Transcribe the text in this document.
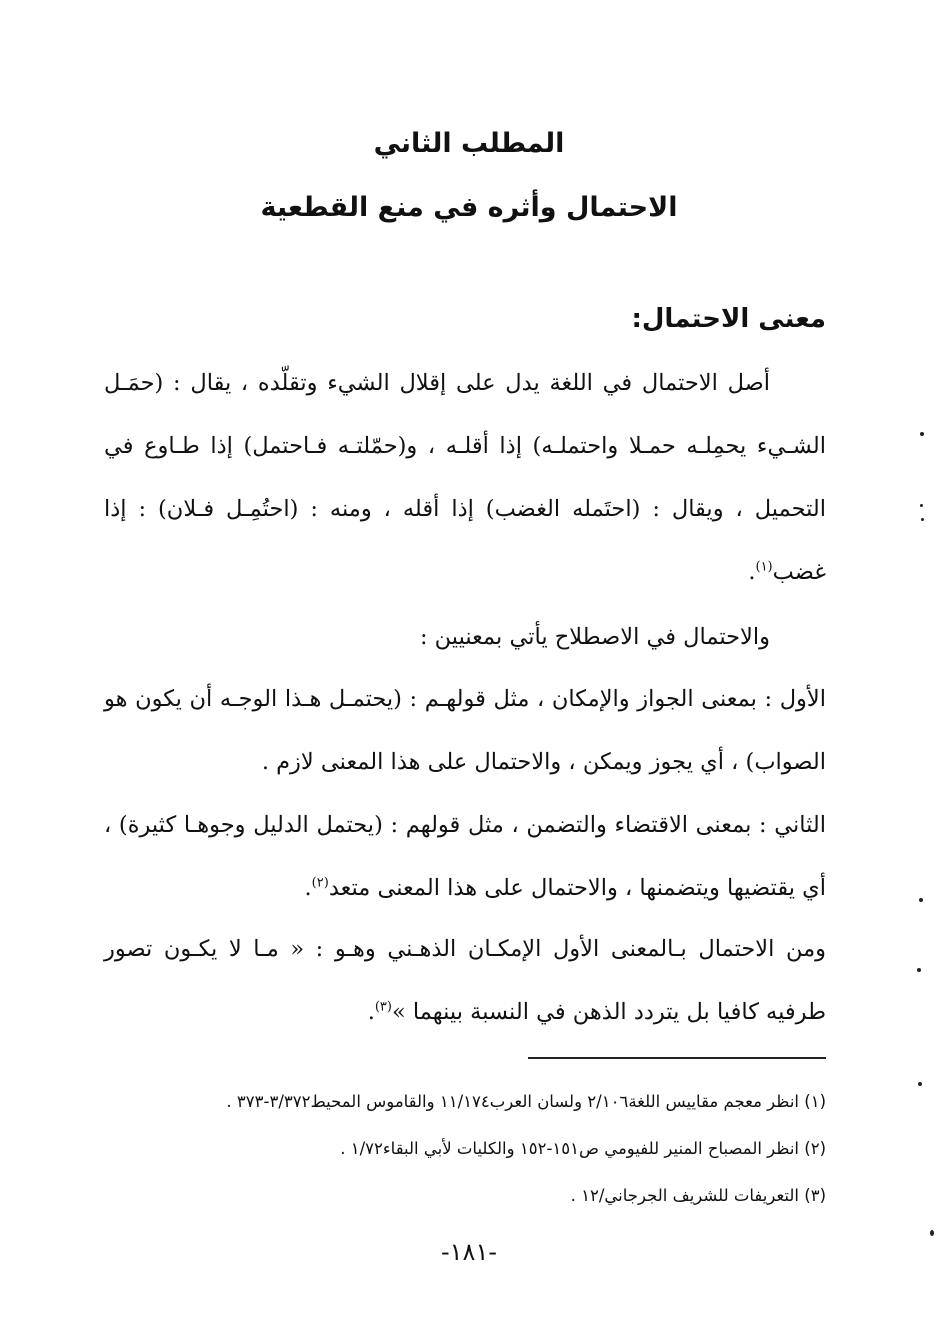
المطلب الثاني
الاحتمال وأثره في منع القطعية
معنى الاحتمال:
أصل الاحتمال في اللغة يدل على إقلال الشيء وتقلّده ، يقال : (حمَـل الشـيء يحمِلـه حمـلا واحتملـه) إذا أقلـه ، و(حمّلتـه فـاحتمل) إذا طـاوع في التحميل ، ويقال : (احتَمله الغضب) إذا أقله ، ومنه : (احتُمِـل فـلان) : إذا غضب$^{(١)}$.
والاحتمال في الاصطلاح يأتي بمعنيين :
الأول : بمعنى الجواز والإمكان ، مثل قولهـم : (يحتمـل هـذا الوجـه أن يكون هو الصواب) ، أي يجوز ويمكن ، والاحتمال على هذا المعنى لازم .
الثاني : بمعنى الاقتضاء والتضمن ، مثل قولهم : (يحتمل الدليل وجوهـا كثيرة) ، أي يقتضيها ويتضمنها ، والاحتمال على هذا المعنى متعد$^{(٢)}$.
ومن الاحتمال بـالمعنى الأول الإمكـان الذهـني وهـو : « مـا لا يكـون تصور طرفيه كافيا بل يتردد الذهن في النسبة بينهما »$^{(٣)}$.
(١) انظر معجم مقاييس اللغة٢/١٠٦ ولسان العرب١١/١٧٤ والقاموس المحيط٣/٣٧٢-٣٧٣ .
(٢) انظر المصباح المنير للفيومي ص١٥١-١٥٢ والكليات لأبي البقاء١/٧٢ .
(٣) التعريفات للشريف الجرجاني/١٢ .
-١٨١-
